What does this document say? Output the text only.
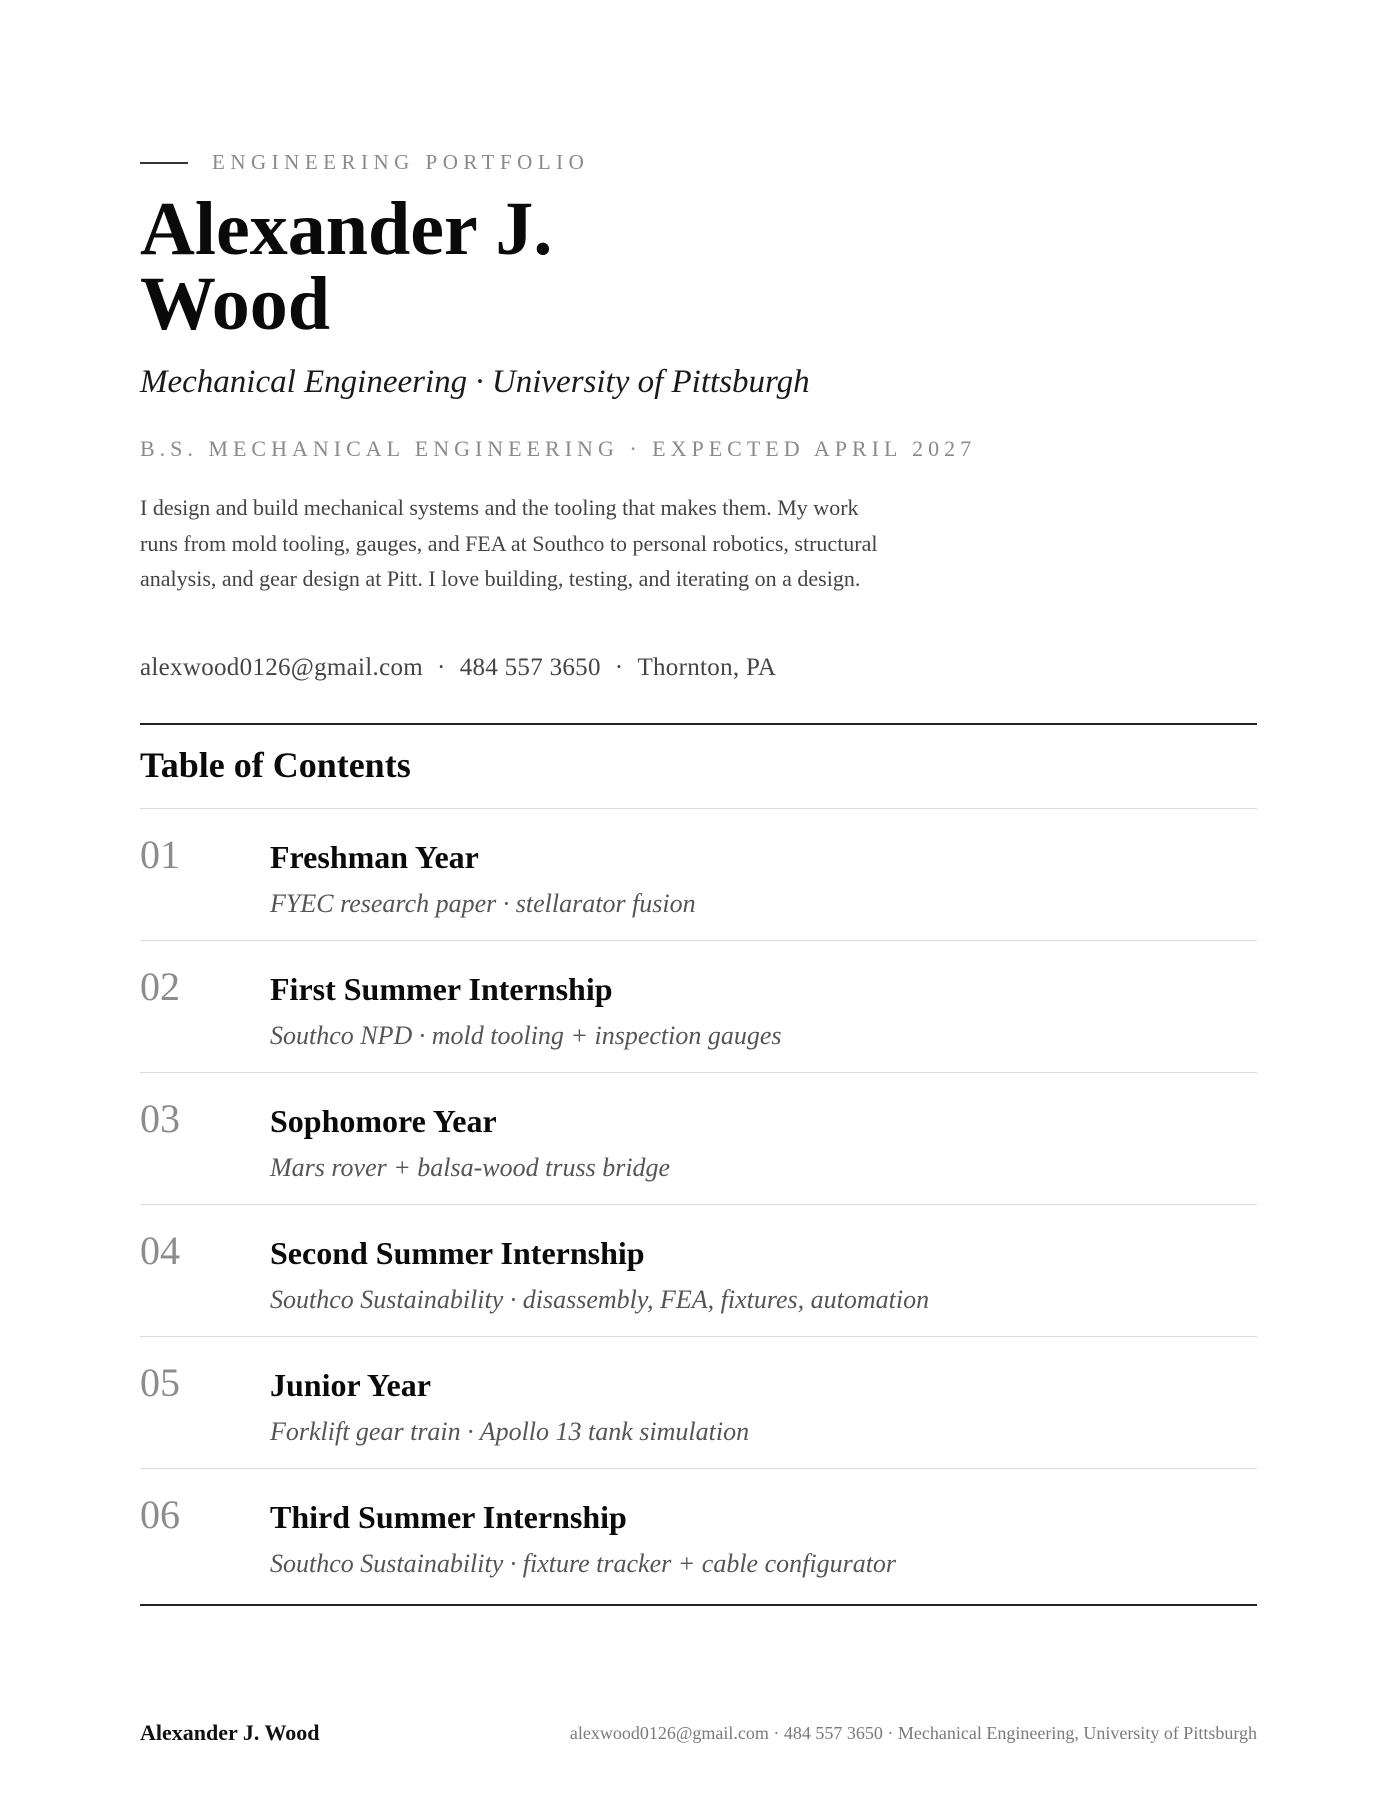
ENGINEERING PORTFOLIO
Alexander J.
Wood

Mechanical Engineering · University of Pittsburgh

B.S. MECHANICAL ENGINEERING · EXPECTED APRIL 2027

I design and build mechanical systems and the tooling that makes them. My work runs from mold tooling, gauges, and FEA at Southco to personal robotics, structural analysis, and gear design at Pitt. I love building, testing, and iterating on a design.

alexwood0126@gmail.com · 484 557 3650 · Thornton, PA
Table of Contents
01	Freshman Year
FYEC research paper · stellarator fusion
02	First Summer Internship
Southco NPD · mold tooling + inspection gauges
03	Sophomore Year
Mars rover + balsa-wood truss bridge
04	Second Summer Internship
Southco Sustainability · disassembly, FEA, fixtures, automation
05	Junior Year
Forklift gear train · Apollo 13 tank simulation
06	Third Summer Internship
Southco Sustainability · fixture tracker + cable configurator
Alexander J. Wood	alexwood0126@gmail.com · 484 557 3650 · Mechanical Engineering, University of Pittsburgh
